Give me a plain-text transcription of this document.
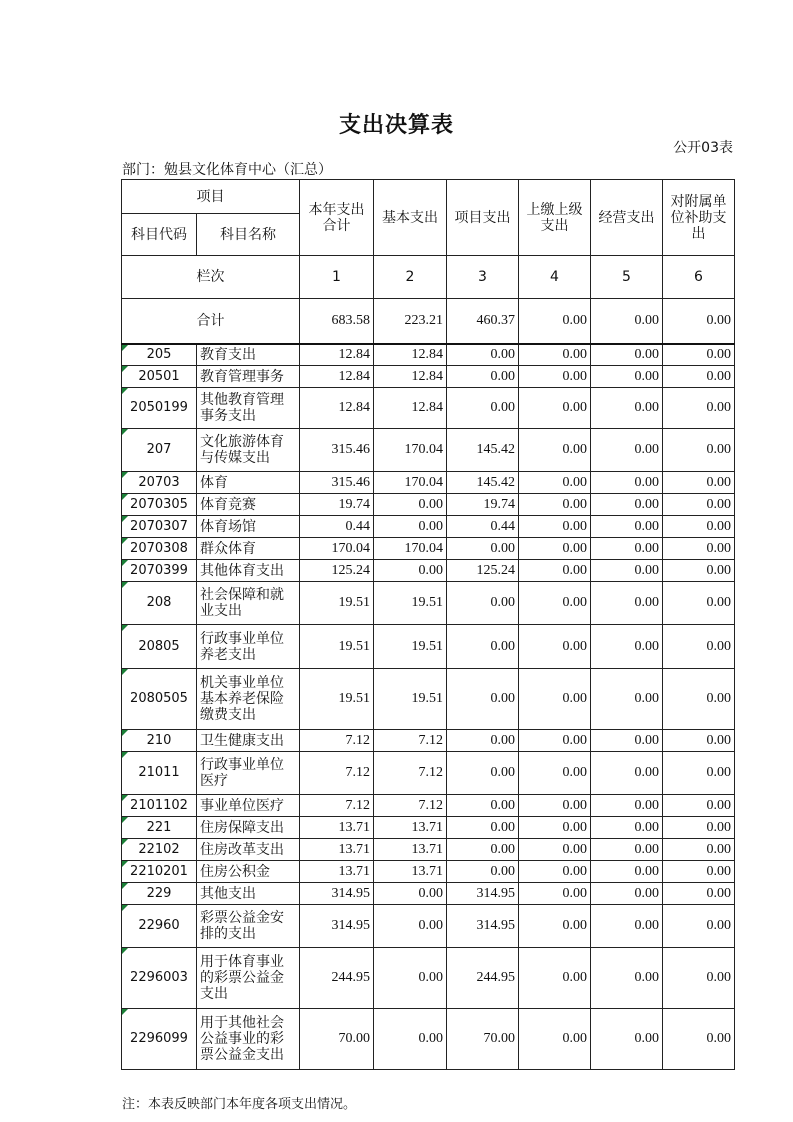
支出决算表
公开03表
部门：勉县文化体育中心（汇总）
项目		本年支出合计	基本支出	项目支出	上缴上级支出	经营支出	对附属单位补助支出
科目代码	科目名称						
栏次		1	2	3	4	5	6
合计		683.58	223.21	460.37	0.00	0.00	0.00
205	教育支出	12.84	12.84	0.00	0.00	0.00	0.00
20501	教育管理事务	12.84	12.84	0.00	0.00	0.00	0.00
2050199	其他教育管理事务支出	12.84	12.84	0.00	0.00	0.00	0.00
207	文化旅游体育与传媒支出	315.46	170.04	145.42	0.00	0.00	0.00
20703	体育	315.46	170.04	145.42	0.00	0.00	0.00
2070305	体育竞赛	19.74	0.00	19.74	0.00	0.00	0.00
2070307	体育场馆	0.44	0.00	0.44	0.00	0.00	0.00
2070308	群众体育	170.04	170.04	0.00	0.00	0.00	0.00
2070399	其他体育支出	125.24	0.00	125.24	0.00	0.00	0.00
208	社会保障和就业支出	19.51	19.51	0.00	0.00	0.00	0.00
20805	行政事业单位养老支出	19.51	19.51	0.00	0.00	0.00	0.00
2080505	机关事业单位基本养老保险缴费支出	19.51	19.51	0.00	0.00	0.00	0.00
210	卫生健康支出	7.12	7.12	0.00	0.00	0.00	0.00
21011	行政事业单位医疗	7.12	7.12	0.00	0.00	0.00	0.00
2101102	事业单位医疗	7.12	7.12	0.00	0.00	0.00	0.00
221	住房保障支出	13.71	13.71	0.00	0.00	0.00	0.00
22102	住房改革支出	13.71	13.71	0.00	0.00	0.00	0.00
2210201	住房公积金	13.71	13.71	0.00	0.00	0.00	0.00
229	其他支出	314.95	0.00	314.95	0.00	0.00	0.00
22960	彩票公益金安排的支出	314.95	0.00	314.95	0.00	0.00	0.00
2296003	用于体育事业的彩票公益金支出	244.95	0.00	244.95	0.00	0.00	0.00
2296099	用于其他社会公益事业的彩票公益金支出	70.00	0.00	70.00	0.00	0.00	0.00
注：本表反映部门本年度各项支出情况。
